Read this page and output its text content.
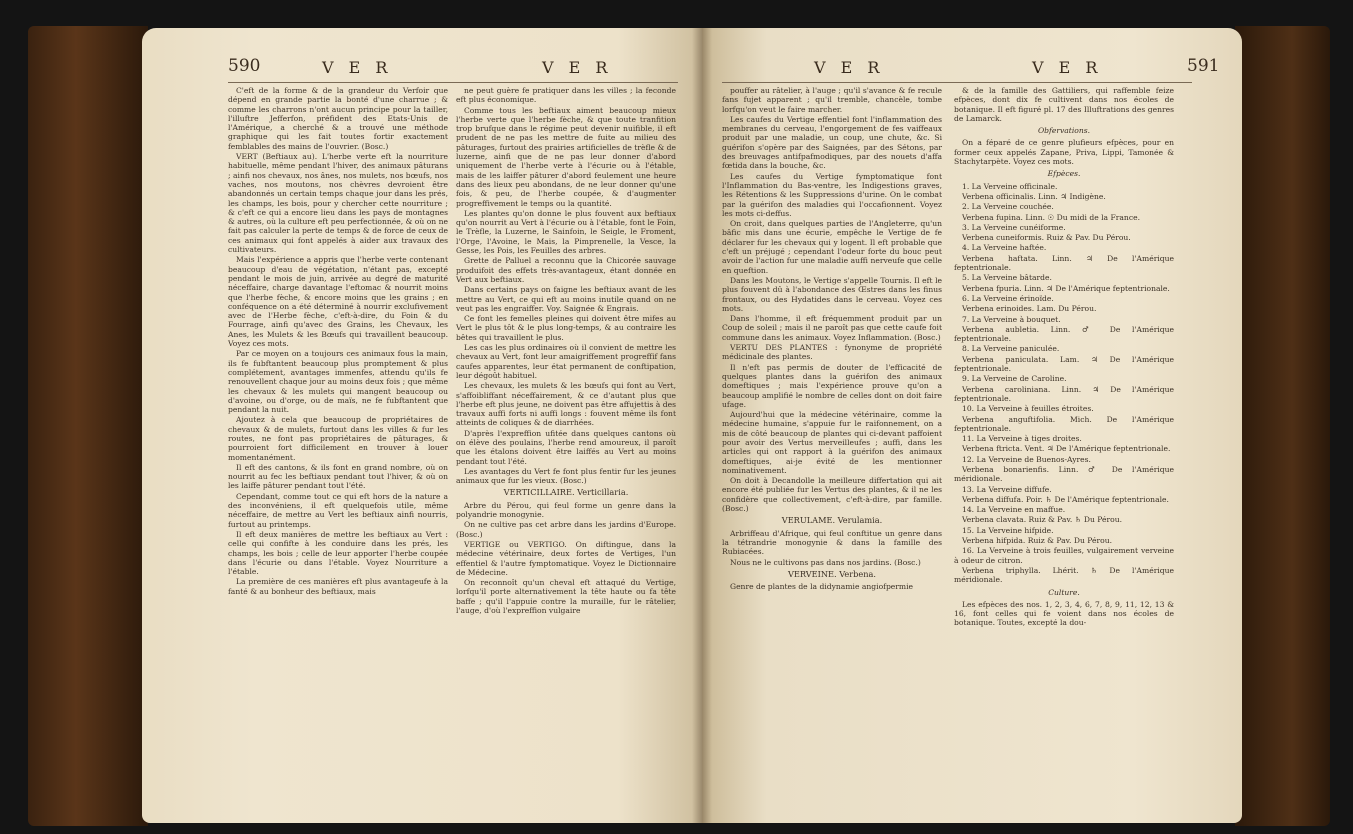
590	V E R	V E R

C'eft de la forme & de la grandeur du Verfoir que dépend en grande partie la bonté d'une charrue ; & comme les charrons n'ont aucun principe pour la tailler, l'illuftre Jefferfon, préfident des Etats-Unis de l'Amérique, a cherché & a trouvé une méthode graphique qui les fait toutes fortir exactement femblables des mains de l'ouvrier. (Bosc.)

VERT (Beftiaux au). L'herbe verte eft la nourriture habituelle, même pendant l'hiver, des animaux pâturans ; ainfi nos chevaux, nos ânes, nos mulets, nos bœufs, nos vaches, nos moutons, nos chèvres devroient être abandonnés un certain temps chaque jour dans les prés, les champs, les bois, pour y chercher cette nourriture ; & c'eft ce qui a encore lieu dans les pays de montagnes & autres, où la culture eft peu perfectionnée, & où on ne fait pas calculer la perte de temps & de force de ceux de ces animaux qui font appelés à aider aux travaux des cultivateurs.

Mais l'expérience a appris que l'herbe verte contenant beaucoup d'eau de végétation, n'étant pas, excepté pendant le mois de juin, arrivée au degré de maturité néceffaire, charge davantage l'eftomac & nourrit moins que l'herbe fèche, & encore moins que les grains ; en conféquence on a été déterminé à nourrir exclufivement avec de l'Herbe fèche, c'eft-à-dire, du Foin & du Fourrage, ainfi qu'avec des Grains, les Chevaux, les Anes, les Mulets & les Bœufs qui travaillent beaucoup. Voyez ces mots.

Par ce moyen on a toujours ces animaux fous la main, ils fe fubftantent beaucoup plus promptement & plus complétement, avantages immenfes, attendu qu'ils fe renouvellent chaque jour au moins deux fois ; que même les chevaux & les mulets qui mangent beaucoup ou d'avoine, ou d'orge, ou de maïs, ne fe fubftantent que pendant la nuit.

Ajoutez à cela que beaucoup de propriétaires de chevaux & de mulets, furtout dans les villes & fur les routes, ne font pas propriétaires de pâturages, & pourroient fort difficilement en trouver à louer momentanément.

Il eft des cantons, & ils font en grand nombre, où on nourrit au fec les beftiaux pendant tout l'hiver, & où on les laiffe pâturer pendant tout l'été.

Cependant, comme tout ce qui eft hors de la nature a des inconvéniens, il eft quelquefois utile, même néceffaire, de mettre au Vert les beftiaux ainfi nourris, furtout au printemps.

Il eft deux manières de mettre les beftiaux au Vert : celle qui confifte à les conduire dans les prés, les champs, les bois ; celle de leur apporter l'herbe coupée dans l'écurie ou dans l'étable. Voyez Nourriture a l'étable.

La première de ces manières eft plus avantageufe à la fanté & au bonheur des beftiaux, mais

ne peut guère fe pratiquer dans les villes ; la feconde eft plus économique.

Comme tous les beftiaux aiment beaucoup mieux l'herbe verte que l'herbe fèche, & que toute tranfition trop brufque dans le régime peut devenir nuifible, il eft prudent de ne pas les mettre de fuite au milieu des pâturages, furtout des prairies artificielles de trèfle & de luzerne, ainfi que de ne pas leur donner d'abord uniquement de l'herbe verte à l'écurie ou à l'étable, mais de les laiffer pâturer d'abord feulement une heure dans des lieux peu abondans, de ne leur donner qu'une fois, & peu, de l'herbe coupée, & d'augmenter progreffivement le temps ou la quantité.

Les plantes qu'on donne le plus fouvent aux beftiaux qu'on nourrit au Vert à l'écurie ou à l'étable, font le Foin, le Trèfle, la Luzerne, le Sainfoin, le Seigle, le Froment, l'Orge, l'Avoine, le Mais, la Pimprenelle, la Vesce, la Gesse, les Pois, les Feuilles des arbres.

Grette de Palluel a reconnu que la Chicorée sauvage produifoit des effets très-avantageux, étant donnée en Vert aux beftiaux.

Dans certains pays on faigne les beftiaux avant de les mettre au Vert, ce qui eft au moins inutile quand on ne veut pas les engraiffer. Voy. Saignée & Engrais.

Ce font les femelles pleines qui doivent être mifes au Vert le plus tôt & le plus long-temps, & au contraire les bêtes qui travaillent le plus.

Les cas les plus ordinaires où il convient de mettre les chevaux au Vert, font leur amaigriffement progreffif fans caufes apparentes, leur état permanent de conftipation, leur dégoût habituel.

Les chevaux, les mulets & les bœufs qui font au Vert, s'affoibliffant néceffairement, & ce d'autant plus que l'herbe eft plus jeune, ne doivent pas être affujettis à des travaux auffi forts ni auffi longs : fouvent même ils font atteints de coliques & de diarrhées.

D'après l'expreffion ufitée dans quelques cantons où on élève des poulains, l'herbe rend amoureux, il paroît que les étalons doivent être laiffés au Vert au moins pendant tout l'été.

Les avantages du Vert fe font plus fentir fur les jeunes animaux que fur les vieux. (Bosc.)

VERTICILLAIRE. Verticillaria.

Arbre du Pérou, qui feul forme un genre dans la polyandrie monogynie.

On ne cultive pas cet arbre dans les jardins d'Europe. (Bosc.)

VERTIGE ou VERTIGO. On diftingue, dans la médecine vétérinaire, deux fortes de Vertiges, l'un effentiel & l'autre fymptomatique. Voyez le Dictionnaire de Médecine.

On reconnoît qu'un cheval eft attaqué du Vertige, lorfqu'il porte alternativement la tête haute ou fa tête baffe ; qu'il l'appuie contre la muraille, fur le râtelier, l'auge, d'où l'expreffion vulgaire

V E R	V E R	591

pouffer au râtelier, à l'auge ; qu'il s'avance & fe recule fans fujet apparent ; qu'il tremble, chancèle, tombe lorfqu'on veut le faire marcher.

Les caufes du Vertige effentiel font l'inflammation des membranes du cerveau, l'engorgement de fes vaiffeaux produit par une maladie, un coup, une chute, &c. Si guérifon s'opère par des Saignées, par des Sétons, par des breuvages antifpafmodiques, par des nouets d'affa fœtida dans la bouche, &c.

Les caufes du Vertige fymptomatique font l'Inflammation du Bas-ventre, les Indigestions graves, les Rétentions & les Suppressions d'urine. On le combat par la guérifon des maladies qui l'occafionnent. Voyez les mots ci-deffus.

On croit, dans quelques parties de l'Angleterre, qu'un bâfic mis dans une écurie, empêche le Vertige de fe déclarer fur les chevaux qui y logent. Il eft probable que c'eft un préjugé ; cependant l'odeur forte du bouc peut avoir de l'action fur une maladie auffi nerveufe que celle en queftion.

Dans les Moutons, le Vertige s'appelle Tournis. Il eft le plus fouvent dû à l'abondance des Œstres dans les finus frontaux, ou des Hydatides dans le cerveau. Voyez ces mots.

Dans l'homme, il eft fréquemment produit par un Coup de soleil ; mais il ne paroît pas que cette caufe foit commune dans les animaux. Voyez Inflammation. (Bosc.)

VERTU DES PLANTES : fynonyme de propriété médicinale des plantes.

Il n'eft pas permis de douter de l'efficacité de quelques plantes dans la guérifon des animaux domeftiques ; mais l'expérience prouve qu'on a beaucoup amplifié le nombre de celles dont on doit faire ufage.

Aujourd'hui que la médecine vétérinaire, comme la médecine humaine, s'appuie fur le raifonnement, on a mis de côté beaucoup de plantes qui ci-devant paffoient pour avoir des Vertus merveilleufes ; auffi, dans les articles qui ont rapport à la guérifon des animaux domeftiques, ai-je évité de les mentionner nominativement.

On doit à Decandolle la meilleure differtation qui ait encore été publiée fur les Vertus des plantes, & il ne les confidère que collectivement, c'eft-à-dire, par famille. (Bosc.)

VERULAME. Verulamia.

Arbriffeau d'Afrique, qui feul conftitue un genre dans la tétrandrie monogynie & dans la famille des Rubiacées.

Nous ne le cultivons pas dans nos jardins. (Bosc.)

VERVEINE. Verbena.

Genre de plantes de la didynamie angiofpermie

& de la famille des Gattiliers, qui raffemble feize efpèces, dont dix fe cultivent dans nos écoles de botanique. Il eft figuré pl. 17 des Illuftrations des genres de Lamarck.

Obfervations.

On a féparé de ce genre plufieurs efpèces, pour en former ceux appelés Zapane, Priva, Lippi, Tamonée & Stachytarpète. Voyez ces mots.

Efpèces.

1. La Verveine officinale.

Verbena officinalis. Linn. ♃ Indigène.

2. La Verveine couchée.

Verbena fupina. Linn. ☉ Du midi de la France.

3. La Verveine cunéiforme.

Verbena cuneiformis. Ruiz & Pav. Du Pérou.

4. La Verveine haftée.

Verbena haftata. Linn. ♃ De l'Amérique feptentrionale.

5. La Verveine bâtarde.

Verbena fpuria. Linn. ♃ De l'Amérique feptentrionale.

6. La Verveine érinoïde.

Verbena erinoides. Lam. Du Pérou.

7. La Verveine à bouquet.

Verbena aubletia. Linn. ♂ De l'Amérique feptentrionale.

8. La Verveine paniculée.

Verbena paniculata. Lam. ♃ De l'Amérique feptentrionale.

9. La Verveine de Caroline.

Verbena caroliniana. Linn. ♃ De l'Amérique feptentrionale.

10. La Verveine à feuilles étroites.

Verbena anguftifolia. Mich. De l'Amérique feptentrionale.

11. La Verveine à tiges droites.

Verbena ftricta. Vent. ♃ De l'Amérique feptentrionale.

12. La Verveine de Buenos-Ayres.

Verbena bonarienfis. Linn. ♂ De l'Amérique méridionale.

13. La Verveine diffufe.

Verbena diffufa. Poir. ♄ De l'Amérique feptentrionale.

14. La Verveine en maffue.

Verbena clavata. Ruiz & Pav. ♄ Du Pérou.

15. La Verveine hifpide.

Verbena hifpida. Ruiz & Pav. Du Pérou.

16. La Verveine à trois feuilles, vulgairement verveine à odeur de citron.

Verbena triphylla. Lhérit. ♄ De l'Amérique méridionale.

Culture.

Les efpèces des nos. 1, 2, 3, 4, 6, 7, 8, 9, 11, 12, 13 & 16, font celles qui fe voient dans nos écoles de botanique. Toutes, excepté la dou-
